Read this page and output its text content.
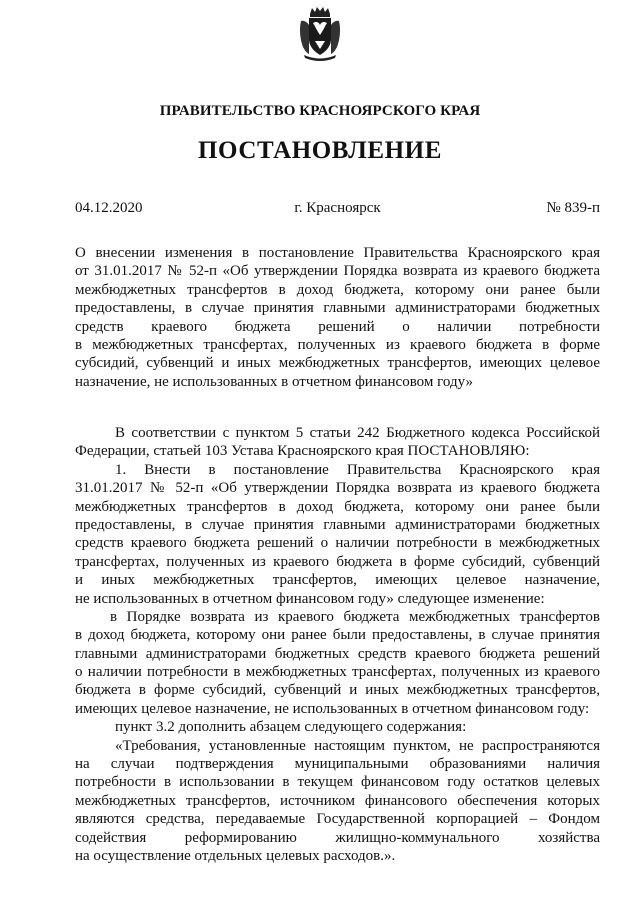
ПРАВИТЕЛЬСТВО КРАСНОЯРСКОГО КРАЯ
ПОСТАНОВЛЕНИЕ
04.12.2020	г. Красноярск	№ 839-п
О внесении изменения в постановление Правительства Красноярского края
от 31.01.2017 № 52-п «Об утверждении Порядка возврата из краевого бюджета
межбюджетных трансфертов в доход бюджета, которому они ранее были
предоставлены, в случае принятия главными администраторами бюджетных
средств краевого бюджета решений о наличии потребности
в межбюджетных трансфертах, полученных из краевого бюджета в форме
субсидий, субвенций и иных межбюджетных трансфертов, имеющих целевое
назначение, не использованных в отчетном финансовом году»
В соответствии с пунктом 5 статьи 242 Бюджетного кодекса Российской
Федерации, статьей 103 Устава Красноярского края ПОСТАНОВЛЯЮ:
1. Внести в постановление Правительства Красноярского края
31.01.2017 № 52-п «Об утверждении Порядка возврата из краевого бюджета
межбюджетных трансфертов в доход бюджета, которому они ранее были
предоставлены, в случае принятия главными администраторами бюджетных
средств краевого бюджета решений о наличии потребности в межбюджетных
трансфертах, полученных из краевого бюджета в форме субсидий, субвенций
и иных межбюджетных трансфертов, имеющих целевое назначение,
не использованных в отчетном финансовом году» следующее изменение:
в Порядке возврата из краевого бюджета межбюджетных трансфертов
в доход бюджета, которому они ранее были предоставлены, в случае принятия
главными администраторами бюджетных средств краевого бюджета решений
о наличии потребности в межбюджетных трансфертах, полученных из краевого
бюджета в форме субсидий, субвенций и иных межбюджетных трансфертов,
имеющих целевое назначение, не использованных в отчетном финансовом году:
пункт 3.2 дополнить абзацем следующего содержания:
«Требования, установленные настоящим пунктом, не распространяются
на случаи подтверждения муниципальными образованиями наличия
потребности в использовании в текущем финансовом году остатков целевых
межбюджетных трансфертов, источником финансового обеспечения которых
являются средства, передаваемые Государственной корпорацией – Фондом
содействия реформированию жилищно-коммунального хозяйства
на осуществление отдельных целевых расходов.».
